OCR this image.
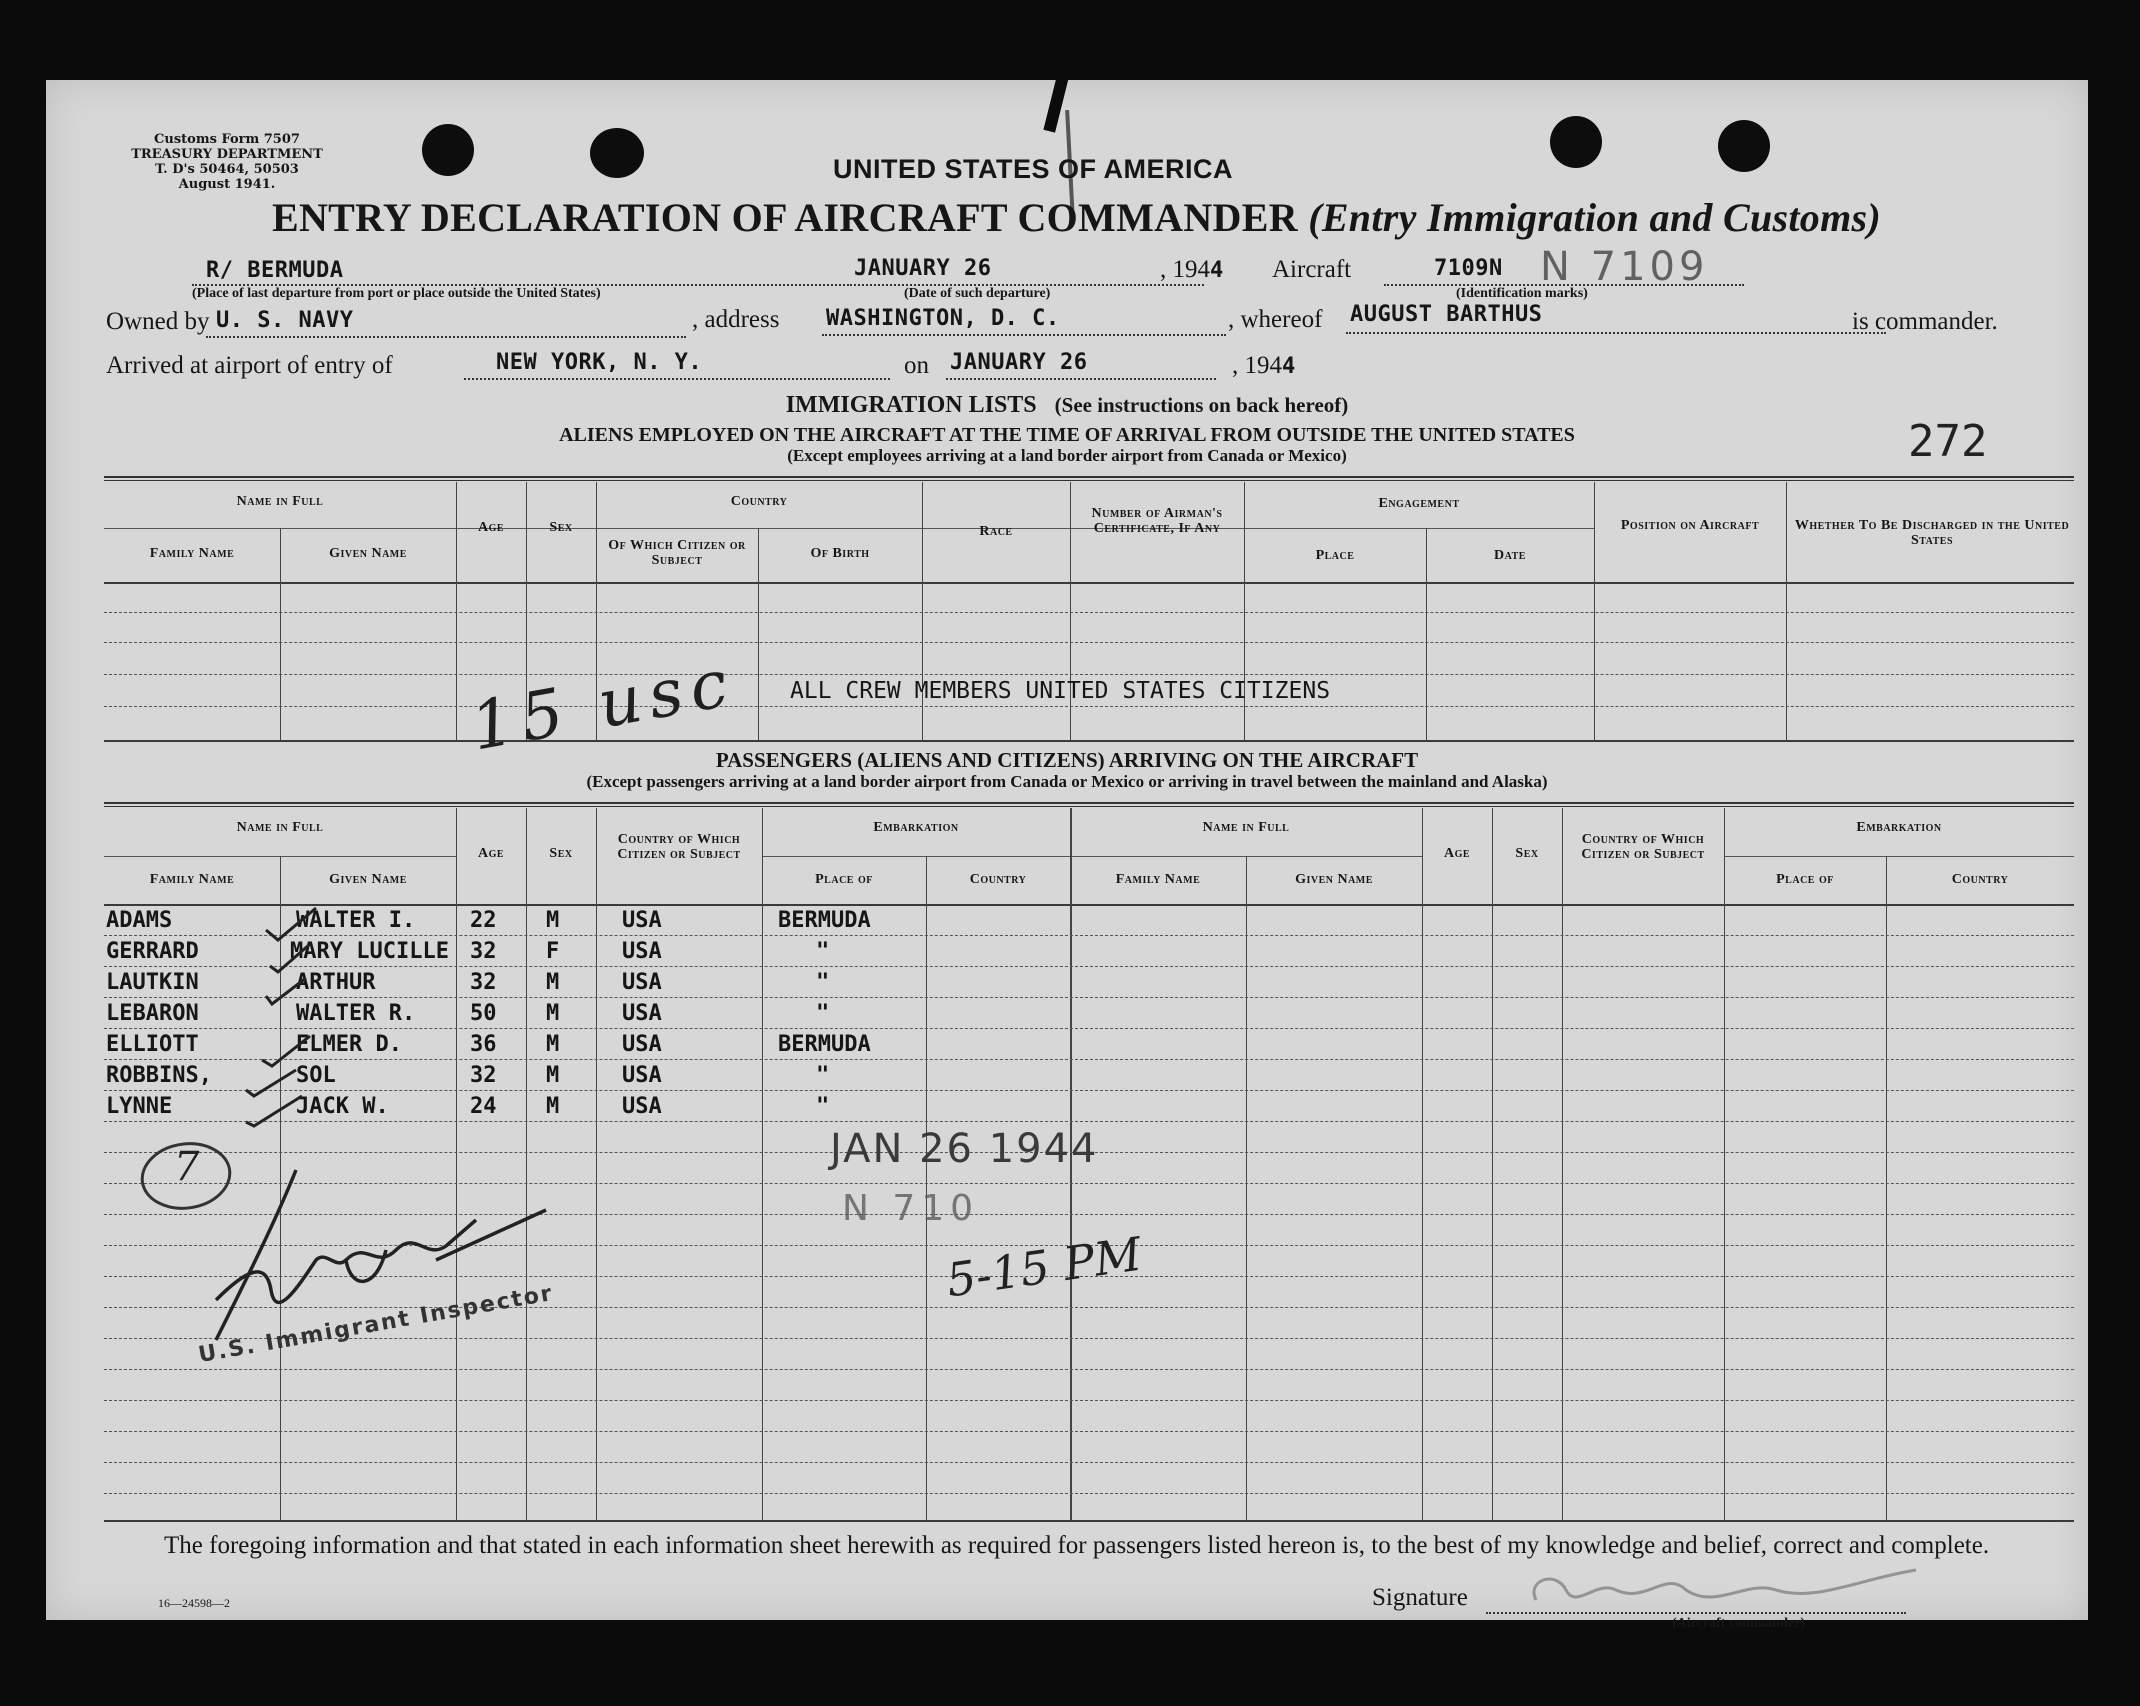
Customs Form 7507
TREASURY DEPARTMENT
T. D's 50464, 50503
August 1941.
UNITED STATES OF AMERICA
ENTRY DECLARATION OF AIRCRAFT COMMANDER (Entry Immigration and Customs)
R/ BERMUDA
(Place of last departure from port or place outside the United States)
JANUARY 26
(Date of such departure)
, 1944 Aircraft	7109N N 7109
(Identification marks)
Owned by U. S. NAVY	, address WASHINGTON, D. C.	, whereof AUGUST BARTHUS	is commander.
Arrived at airport of entry of	NEW YORK, N. Y.	on JANUARY 26	, 1944
IMMIGRATION LISTS (See instructions on back hereof)
ALIENS EMPLOYED ON THE AIRCRAFT AT THE TIME OF ARRIVAL FROM OUTSIDE THE UNITED STATES
(Except employees arriving at a land border airport from Canada or Mexico)	272
Name in Full
Family Name	Given Name
Age	Sex
Country
Of Which Citizen or Subject	Of Birth
Race
Number of Airman's Certificate, If Any
Engagement
Place	Date
Position on Aircraft	Whether To Be Discharged in the United States
15 usc ALL CREW MEMBERS UNITED STATES CITIZENS
PASSENGERS (ALIENS AND CITIZENS) ARRIVING ON THE AIRCRAFT
(Except passengers arriving at a land border airport from Canada or Mexico or arriving in travel between the mainland and Alaska)
Name in Full
Family Name	Given Name
Age	Sex
Country of Which Citizen or Subject
Embarkation
Place of	Country
Name in Full
Family Name	Given Name
Age	Sex
Country of Which Citizen or Subject
Embarkation
Place of	Country
ADAMS	WALTER I. 22 M	USA	BERMUDA
GERRARD	MARY LUCILLE 32 F	USA	"
LAUTKIN	ARTHUR	32 M	USA	"
LEBARON	WALTER R. 50 M	USA	"
ELLIOTT	ELMER D.	36 M	USA	BERMUDA
ROBBINS,	SOL	32 M	USA	"
LYNNE	JACK W.	24 M	USA	"
JAN 26 1944
N 710
5-15 PM
7
U.S. Immigrant Inspector
The foregoing information and that stated in each information sheet herewith as required for passengers listed hereon is, to the best of my knowledge and belief, correct and complete.
16—24598—2	Signature
(Aircraft commander)
